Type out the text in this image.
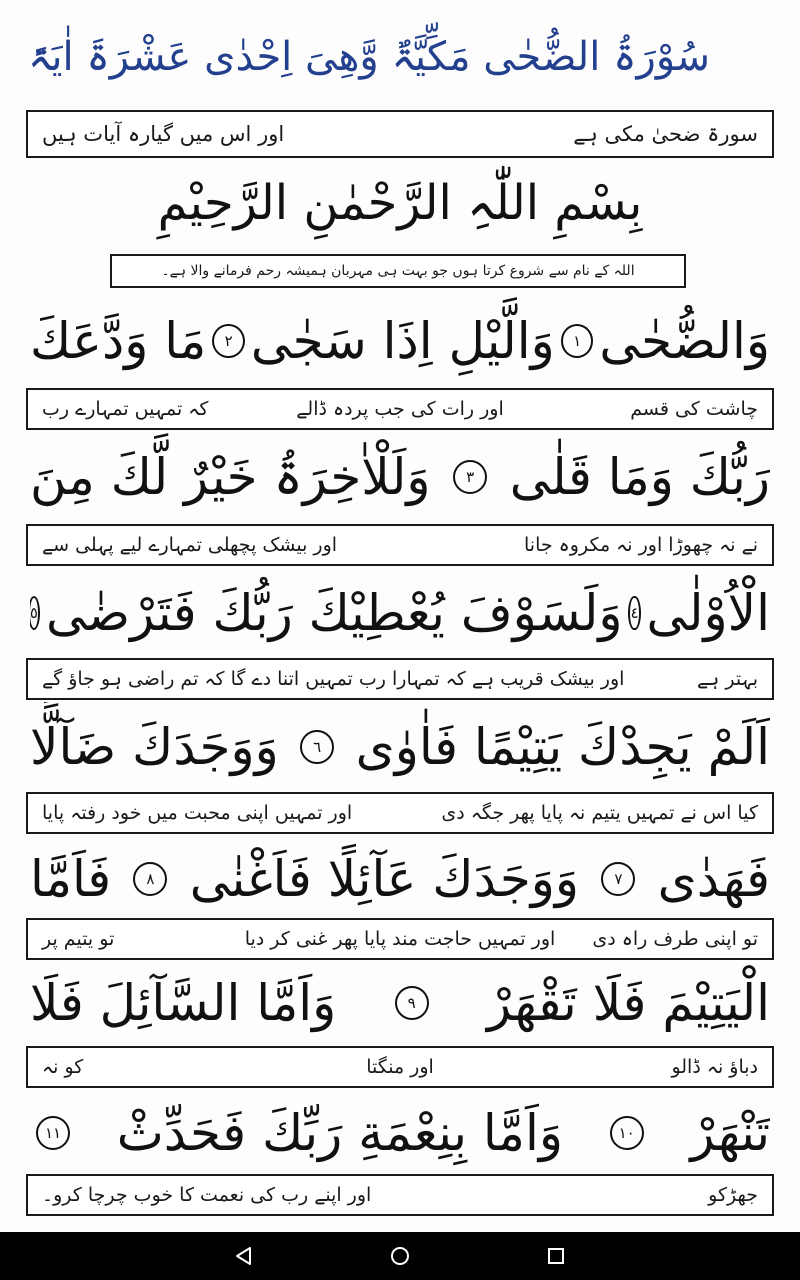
سُوْرَۃُ الضُّحٰی مَکِّیَّۃٌ وَّھِیَ اِحْدٰی عَشْرَۃَ اٰیَۃً
سورۃ ضحیٰ مکی ہے
اور اس میں گیارہ آیات ہیں
بِسْمِ اللّٰہِ الرَّحْمٰنِ الرَّحِیْمِ
اللہ کے نام سے شروع کرتا ہوں جو بہت ہی مہربان ہمیشہ رحم فرمانے والا ہے۔
وَالضُّحٰی
١
وَالَّیْلِ اِذَا سَجٰی
٢
مَا وَدَّعَكَ
چاشت کی قسم
اور رات کی جب پردہ ڈالے
کہ تمہیں تمہارے رب
رَبُّكَ وَمَا قَلٰی
٣
وَلَلْاٰخِرَۃُ خَیْرٌ لَّكَ مِنَ
نے نہ چھوڑا اور نہ مکروہ جانا
اور بیشک پچھلی تمہارے لیے پہلی سے
الْاُوْلٰی
٤
وَلَسَوْفَ یُعْطِیْكَ رَبُّكَ فَتَرْضٰی
٥
بہتر ہے
اور بیشک قریب ہے کہ تمہارا رب تمہیں اتنا دے گا کہ تم راضی ہو جاؤ گے
اَلَمْ یَجِدْكَ یَتِیْمًا فَاٰوٰی
٦
وَوَجَدَكَ ضَآلًّا
کیا اس نے تمہیں یتیم نہ پایا پھر جگہ دی
اور تمہیں اپنی محبت میں خود رفتہ پایا
فَهَدٰی
٧
وَوَجَدَكَ عَآئِلًا فَاَغْنٰی
٨
فَاَمَّا
تو اپنی طرف راہ دی
اور تمہیں حاجت مند پایا پھر غنی کر دیا
تو یتیم پر
الْیَتِیْمَ فَلَا تَقْهَرْ
٩
وَاَمَّا السَّآئِلَ فَلَا
دباؤ نہ ڈالو
اور منگتا
کو نہ
تَنْهَرْ
١٠
وَاَمَّا بِنِعْمَةِ رَبِّكَ فَحَدِّثْ
١١
جھڑکو
اور اپنے رب کی نعمت کا خوب چرچا کرو۔
